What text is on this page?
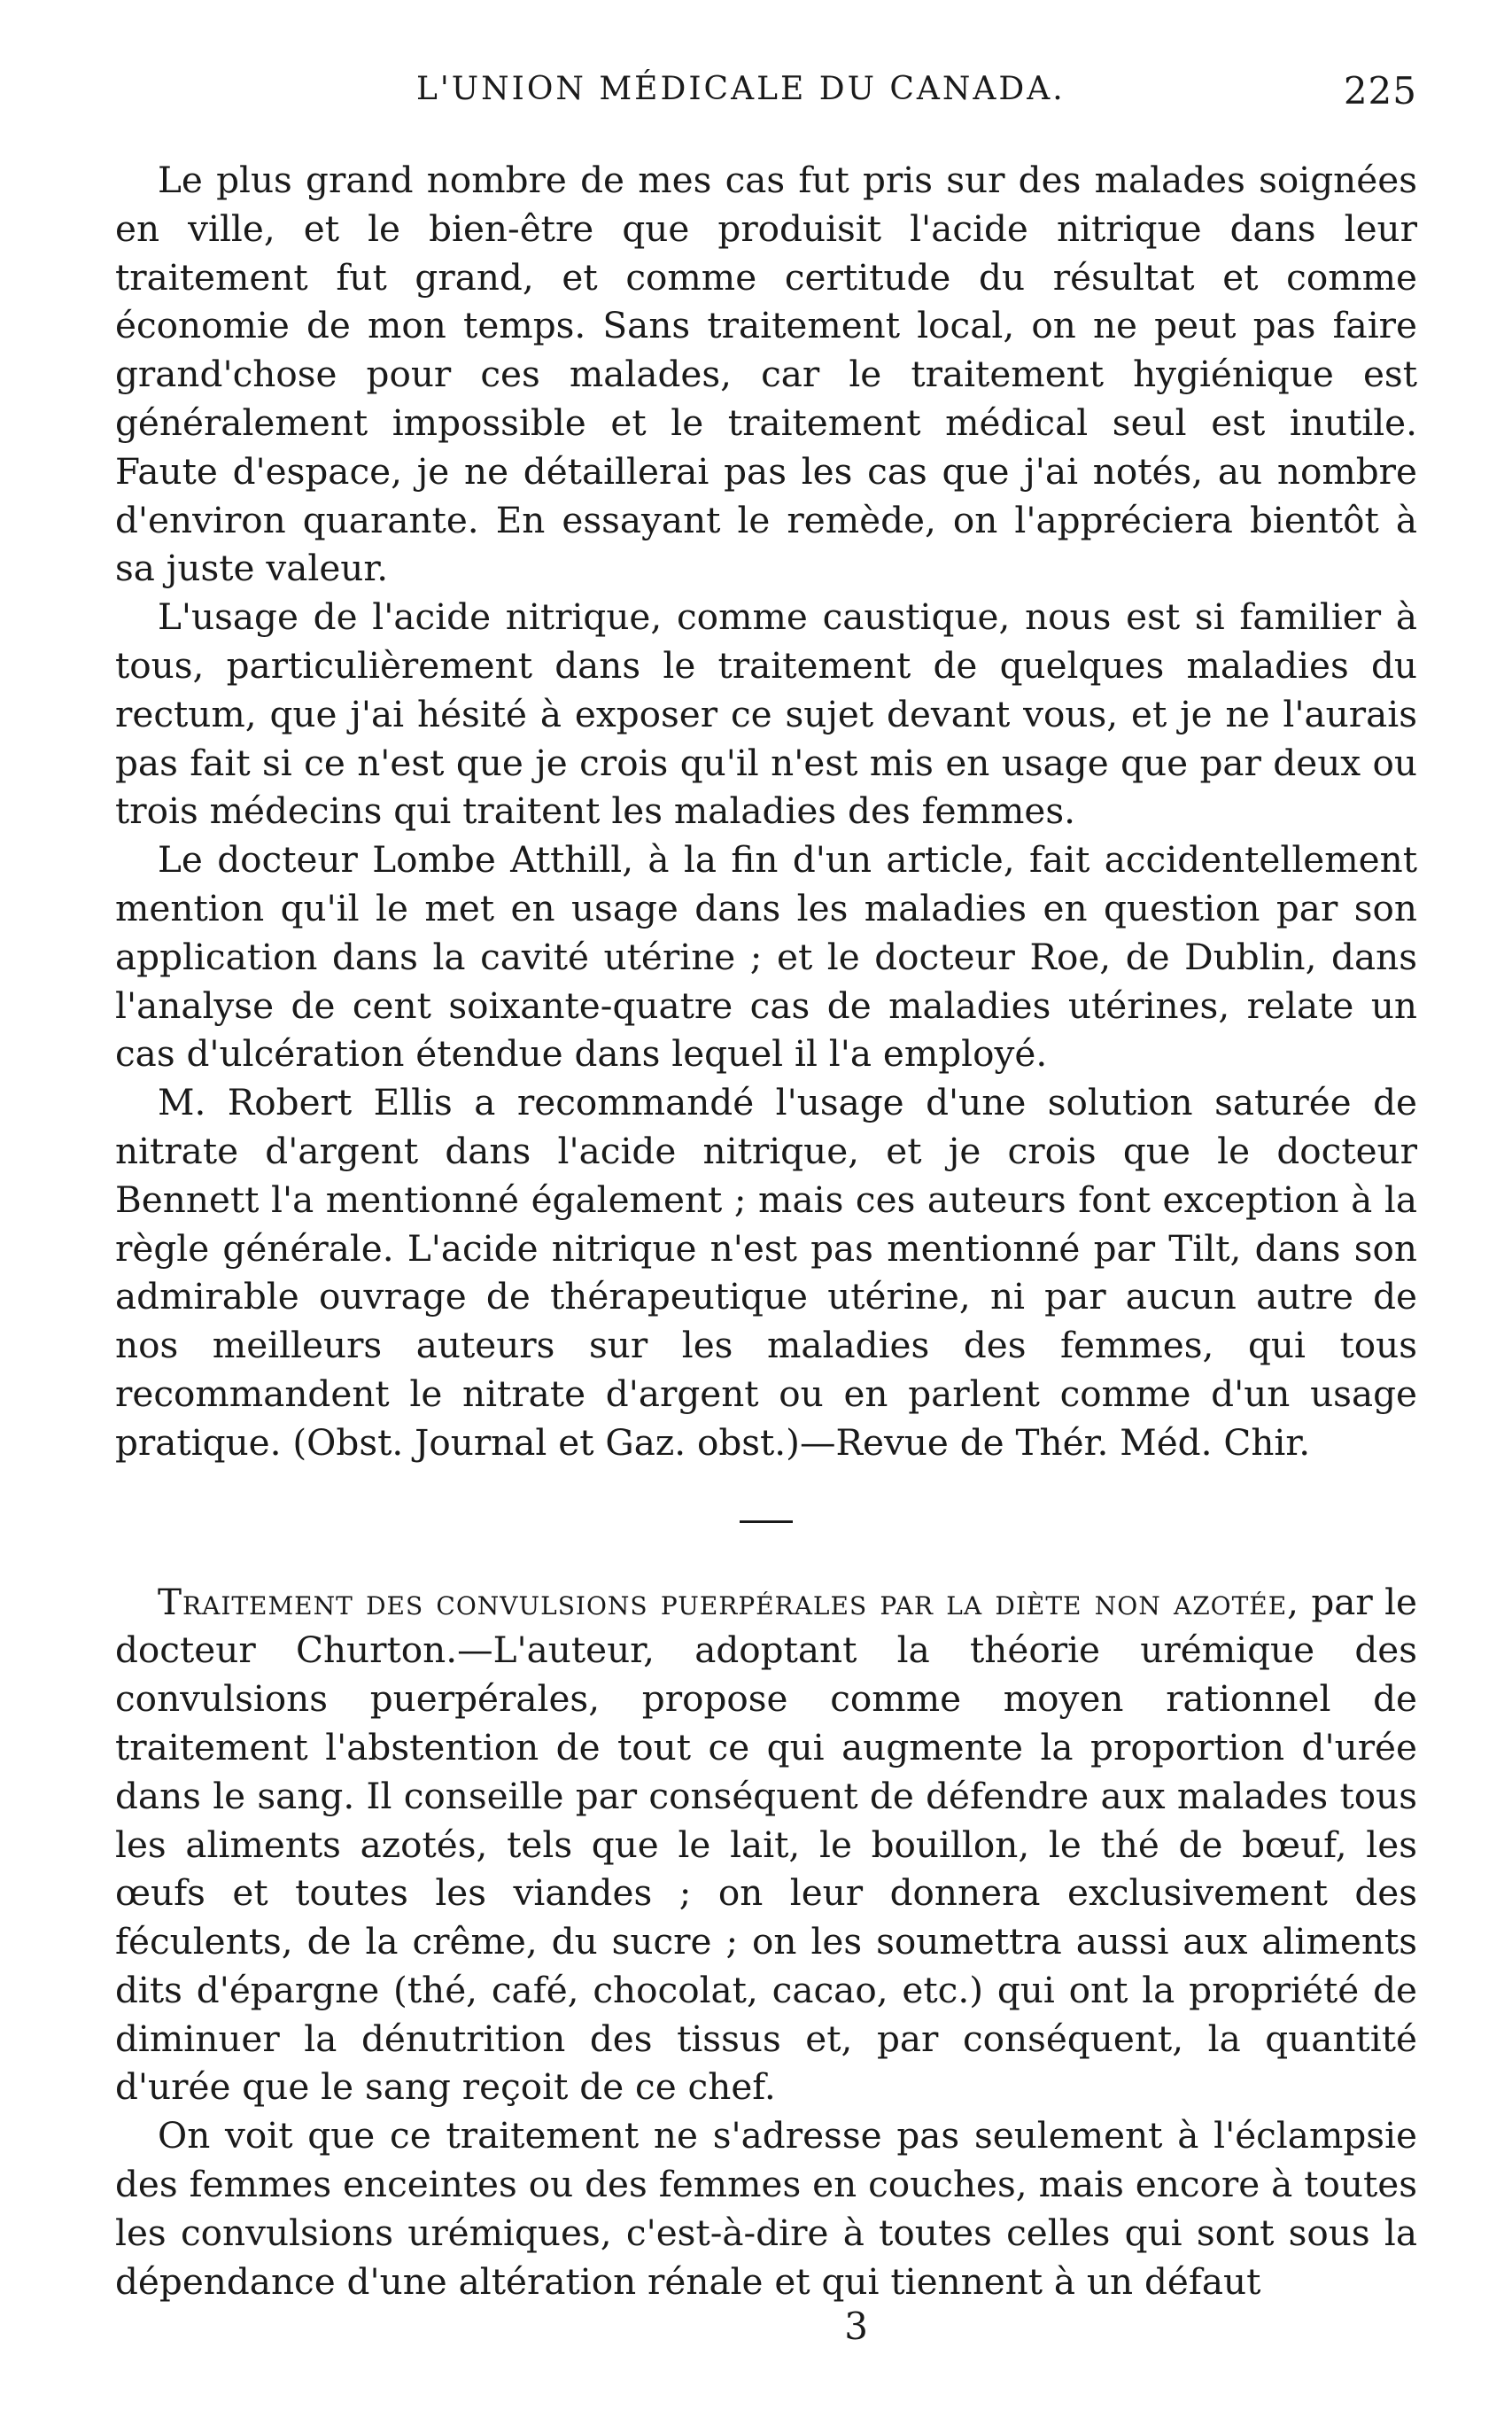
L'UNION MÉDICALE DU CANADA.	225

Le plus grand nombre de mes cas fut pris sur des malades soignées en ville, et le bien-être que produisit l'acide nitrique dans leur traitement fut grand, et comme certitude du résultat et comme économie de mon temps. Sans traitement local, on ne peut pas faire grand'chose pour ces malades, car le traitement hygiénique est généralement impossible et le traitement médical seul est inutile. Faute d'espace, je ne détaillerai pas les cas que j'ai notés, au nombre d'environ quarante. En essayant le remède, on l'appréciera bientôt à sa juste valeur.

L'usage de l'acide nitrique, comme caustique, nous est si familier à tous, particulièrement dans le traitement de quelques maladies du rectum, que j'ai hésité à exposer ce sujet devant vous, et je ne l'aurais pas fait si ce n'est que je crois qu'il n'est mis en usage que par deux ou trois médecins qui traitent les maladies des femmes.

Le docteur Lombe Atthill, à la fin d'un article, fait accidentellement mention qu'il le met en usage dans les maladies en question par son application dans la cavité utérine ; et le docteur Roe, de Dublin, dans l'analyse de cent soixante-quatre cas de maladies utérines, relate un cas d'ulcération étendue dans lequel il l'a employé.

M. Robert Ellis a recommandé l'usage d'une solution saturée de nitrate d'argent dans l'acide nitrique, et je crois que le docteur Bennett l'a mentionné également ; mais ces auteurs font exception à la règle générale. L'acide nitrique n'est pas mentionné par Tilt, dans son admirable ouvrage de thérapeutique utérine, ni par aucun autre de nos meilleurs auteurs sur les maladies des femmes, qui tous recommandent le nitrate d'argent ou en parlent comme d'un usage pratique. (Obst. Journal et Gaz. obst.)—Revue de Thér. Méd. Chir.

Traitement des convulsions puerpérales par la diète non azotée, par le docteur Churton.—L'auteur, adoptant la théorie urémique des convulsions puerpérales, propose comme moyen rationnel de traitement l'abstention de tout ce qui augmente la proportion d'urée dans le sang. Il conseille par conséquent de défendre aux malades tous les aliments azotés, tels que le lait, le bouillon, le thé de bœuf, les œufs et toutes les viandes ; on leur donnera exclusivement des féculents, de la crême, du sucre ; on les soumettra aussi aux aliments dits d'épargne (thé, café, chocolat, cacao, etc.) qui ont la propriété de diminuer la dénutrition des tissus et, par conséquent, la quantité d'urée que le sang reçoit de ce chef.

On voit que ce traitement ne s'adresse pas seulement à l'éclampsie des femmes enceintes ou des femmes en couches, mais encore à toutes les convulsions urémiques, c'est-à-dire à toutes celles qui sont sous la dépendance d'une altération rénale et qui tiennent à un défaut

3
